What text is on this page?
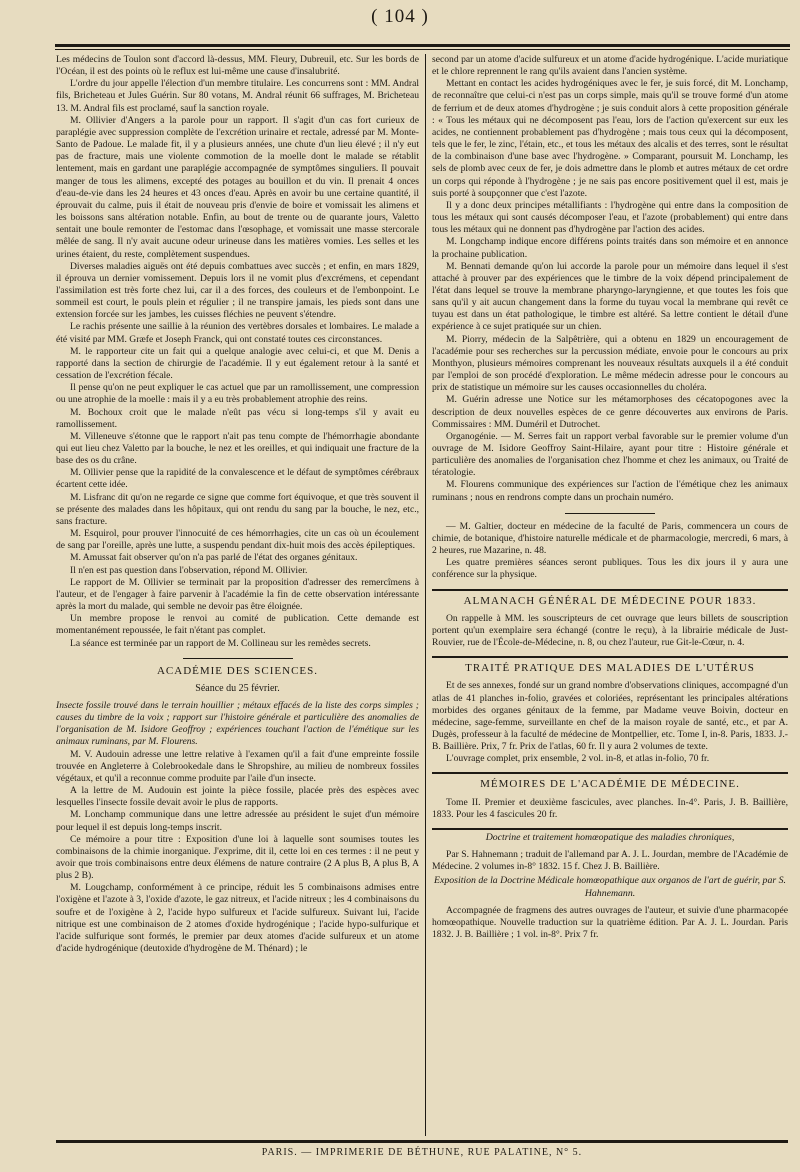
( 104 )

Les médecins de Toulon sont d'accord là-dessus, MM. Fleury, Dubreuil, etc. Sur les bords de l'Océan, il est des points où le reflux est lui-même une cause d'insalubrité.

L'ordre du jour appelle l'élection d'un membre titulaire. Les concurrens sont : MM. Andral fils, Bricheteau et Jules Guérin. Sur 80 votans, M. Andral réunit 66 suffrages, M. Bricheteau 13. M. Andral fils est proclamé, sauf la sanction royale.

M. Ollivier d'Angers a la parole pour un rapport. Il s'agit d'un cas fort curieux de paraplégie avec suppression complète de l'excrétion urinaire et rectale, adressé par M. Monte-Santo de Padoue. Le malade fit, il y a plusieurs années, une chute d'un lieu élevé ; il n'y eut pas de fracture, mais une violente commotion de la moelle dont le malade se rétablit lentement, mais en gardant une paraplégie accompagnée de symptômes singuliers. Il pouvait manger de tous les alimens, excepté des potages au bouillon et du vin. Il prenait 4 onces d'eau-de-vie dans les 24 heures et 43 onces d'eau. Après en avoir bu une certaine quantité, il éprouvait du calme, puis il était de nouveau pris d'envie de boire et vomissait les alimens et les boissons sans altération notable. Enfin, au bout de trente ou de quarante jours, Valetto sentait une boule remonter de l'estomac dans l'œsophage, et vomissait une masse stercorale mêlée de sang. Il n'y avait aucune odeur urineuse dans les matières vomies. Les selles et les urines étaient, du reste, complètement suspendues.

Diverses maladies aiguës ont été depuis combattues avec succès ; et enfin, en mars 1829, il éprouva un dernier vomissement. Depuis lors il ne vomit plus d'excrémens, et cependant l'assimilation est très forte chez lui, car il a des forces, des couleurs et de l'embonpoint. Le sommeil est court, le pouls plein et régulier ; il ne transpire jamais, les pieds sont dans une extension forcée sur les jambes, les cuisses fléchies ne peuvent s'étendre.

Le rachis présente une saillie à la réunion des vertèbres dorsales et lombaires. Le malade a été visité par MM. Græfe et Joseph Franck, qui ont constaté toutes ces circonstances.

M. le rapporteur cite un fait qui a quelque analogie avec celui-ci, et que M. Denis a rapporté dans la section de chirurgie de l'académie. Il y eut également retour à la santé et cessation de l'excrétion fécale.

Il pense qu'on ne peut expliquer le cas actuel que par un ramollissement, une compression ou une atrophie de la moelle : mais il y a eu très probablement atrophie des reins.

M. Bochoux croit que le malade n'eût pas vécu si long-temps s'il y avait eu ramollissement.

M. Villeneuve s'étonne que le rapport n'ait pas tenu compte de l'hémorrhagie abondante qui eut lieu chez Valetto par la bouche, le nez et les oreilles, et qui indiquait une fracture de la base des os du crâne.

M. Ollivier pense que la rapidité de la convalescence et le défaut de symptômes cérébraux écartent cette idée.

M. Lisfranc dit qu'on ne regarde ce signe que comme fort équivoque, et que très souvent il se présente des malades dans les hôpitaux, qui ont rendu du sang par la bouche, le nez, etc., sans fracture.

M. Esquirol, pour prouver l'innocuité de ces hémorrhagies, cite un cas où un écoulement de sang par l'oreille, après une lutte, a suspendu pendant dix-huit mois des accès épileptiques.

M. Amussat fait observer qu'on n'a pas parlé de l'état des organes génitaux.

Il n'en est pas question dans l'observation, répond M. Ollivier.

Le rapport de M. Ollivier se terminait par la proposition d'adresser des remercîmens à l'auteur, et de l'engager à faire parvenir à l'académie la fin de cette observation intéressante après la mort du malade, qui semble ne devoir pas être éloignée.

Un membre propose le renvoi au comité de publication. Cette demande est momentanément repoussée, le fait n'étant pas complet.

La séance est terminée par un rapport de M. Collineau sur les remèdes secrets.

ACADÉMIE DES SCIENCES.
Séance du 25 février.

Insecte fossile trouvé dans le terrain houillier ; métaux effacés de la liste des corps simples ; causes du timbre de la voix ; rapport sur l'histoire générale et particulière des anomalies de l'organisation de M. Isidore Geoffroy ; expériences touchant l'action de l'émétique sur les animaux ruminans, par M. Flourens.

M. V. Audouin adresse une lettre relative à l'examen qu'il a fait d'une empreinte fossile trouvée en Angleterre à Colebrookedale dans le Shropshire, au milieu de nombreux fossiles végétaux, et qu'il a reconnue comme produite par l'aile d'un insecte.

A la lettre de M. Audouin est jointe la pièce fossile, placée près des espèces avec lesquelles l'insecte fossile devait avoir le plus de rapports.

M. Lonchamp communique dans une lettre adressée au président le sujet d'un mémoire pour lequel il est depuis long-temps inscrit.

Ce mémoire a pour titre : Exposition d'une loi à laquelle sont soumises toutes les combinaisons de la chimie inorganique. J'exprime, dit il, cette loi en ces termes : il ne peut y avoir que trois combinaisons entre deux élémens de nature contraire (2 A plus B, A plus B, A plus 2 B).

M. Lougchamp, conformément à ce principe, réduit les 5 combinaisons admises entre l'oxigène et l'azote à 3, l'oxide d'azote, le gaz nitreux, et l'acide nitreux ; les 4 combinaisons du soufre et de l'oxigène à 2, l'acide hypo sulfureux et l'acide sulfureux. Suivant lui, l'acide nitrique est une combinaison de 2 atomes d'oxide hydrogénique ; l'acide hypo-sulfurique et l'acide sulfurique sont formés, le premier par deux atomes d'acide sulfureux et un atome d'acide hydrogénique (deutoxide d'hydrogène de M. Thénard) ; le

second par un atome d'acide sulfureux et un atome d'acide hydrogénique. L'acide muriatique et le chlore reprennent le rang qu'ils avaient dans l'ancien système.

Mettant en contact les acides hydrogéniques avec le fer, je suis forcé, dit M. Lonchamp, de reconnaître que celui-ci n'est pas un corps simple, mais qu'il se trouve formé d'un atome de ferrium et de deux atomes d'hydrogène ; je suis conduit alors à cette proposition générale : « Tous les métaux qui ne décomposent pas l'eau, lors de l'action qu'exercent sur eux les acides, ne contiennent probablement pas d'hydrogène ; mais tous ceux qui la décomposent, tels que le fer, le zinc, l'étain, etc., et tous les métaux des alcalis et des terres, sont le résultat de la combinaison d'une base avec l'hydrogène. » Comparant, poursuit M. Lonchamp, les sels de plomb avec ceux de fer, je dois admettre dans le plomb et autres métaux de cet ordre un corps qui réponde à l'hydrogène ; je ne sais pas encore positivement quel il est, mais je suis porté à soupçonner que c'est l'azote.

Il y a donc deux principes métallifiants : l'hydrogène qui entre dans la composition de tous les métaux qui sont causés décomposer l'eau, et l'azote (probablement) qui entre dans tous les métaux qui ne donnent pas d'hydrogène par l'action des acides.

M. Longchamp indique encore différens points traités dans son mémoire et en annonce la prochaine publication.

M. Bennati demande qu'on lui accorde la parole pour un mémoire dans lequel il s'est attaché à prouver par des expériences que le timbre de la voix dépend principalement de l'état dans lequel se trouve la membrane pharyngo-laryngienne, et que toutes les fois que sans qu'il y ait aucun changement dans la forme du tuyau vocal la membrane qui revêt ce tuyau est dans un état pathologique, le timbre est altéré. Sa lettre contient le détail d'une expérience à ce sujet pratiquée sur un chien.

M. Piorry, médecin de la Salpêtrière, qui a obtenu en 1829 un encouragement de l'académie pour ses recherches sur la percussion médiate, envoie pour le concours au prix Monthyon, plusieurs mémoires comprenant les nouveaux résultats auxquels il a été conduit par l'emploi de son procédé d'exploration. Le même médecin adresse pour le concours au prix de statistique un mémoire sur les causes occasionnelles du choléra.

M. Guérin adresse une Notice sur les métamorphoses des cécatopogones avec la description de deux nouvelles espèces de ce genre découvertes aux environs de Paris. Commissaires : MM. Duméril et Dutrochet.

Organogénie. — M. Serres fait un rapport verbal favorable sur le premier volume d'un ouvrage de M. Isidore Geoffroy Saint-Hilaire, ayant pour titre : Histoire générale et particulière des anomalies de l'organisation chez l'homme et chez les animaux, ou Traité de tératologie.

M. Flourens communique des expériences sur l'action de l'émétique chez les animaux ruminans ; nous en rendrons compte dans un prochain numéro.

— M. Galtier, docteur en médecine de la faculté de Paris, commencera un cours de chimie, de botanique, d'histoire naturelle médicale et de pharmacologie, mercredi, 6 mars, à 2 heures, rue Mazarine, n. 48.

Les quatre premières séances seront publiques. Tous les dix jours il y aura une conférence sur la physique.

ALMANACH GÉNÉRAL DE MÉDECINE POUR 1833.

On rappelle à MM. les souscripteurs de cet ouvrage que leurs billets de souscription portent qu'un exemplaire sera échangé (contre le reçu), à la librairie médicale de Just-Rouvier, rue de l'École-de-Médecine, n. 8, ou chez l'auteur, rue Git-le-Cœur, n. 4.

TRAITÉ PRATIQUE DES MALADIES DE L'UTÉRUS

Et de ses annexes, fondé sur un grand nombre d'observations cliniques, accompagné d'un atlas de 41 planches in-folio, gravées et coloriées, représentant les principales altérations morbides des organes génitaux de la femme, par Madame veuve Boivin, docteur en médecine, sage-femme, surveillante en chef de la maison royale de santé, etc., et par A. Dugès, professeur à la faculté de médecine de Montpellier, etc. Tome I, in-8. Paris, 1833. J.-B. Baillière. Prix, 7 fr. Prix de l'atlas, 60 fr. Il y aura 2 volumes de texte.

L'ouvrage complet, prix ensemble, 2 vol. in-8, et atlas in-folio, 70 fr.

MÉMOIRES DE L'ACADÉMIE DE MÉDECINE.

Tome II. Premier et deuxième fascicules, avec planches. In-4°. Paris, J. B. Baillière, 1833. Pour les 4 fascicules 20 fr.

Doctrine et traitement homœopatique des maladies chroniques,

Par S. Hahnemann ; traduit de l'allemand par A. J. L. Jourdan, membre de l'Académie de Médecine. 2 volumes in-8° 1832. 15 f. Chez J. B. Baillière.

Exposition de la Doctrine Médicale homœopathique aux organos de l'art de guérir, par S. Hahnemann.

Accompagnée de fragmens des autres ouvrages de l'auteur, et suivie d'une pharmacopée homœopathique. Nouvelle traduction sur la quatrième édition. Par A. J. L. Jourdan. Paris 1832. J. B. Baillière ; 1 vol. in-8°. Prix 7 fr.

PARIS. — IMPRIMERIE DE BÉTHUNE, RUE PALATINE, N° 5.
